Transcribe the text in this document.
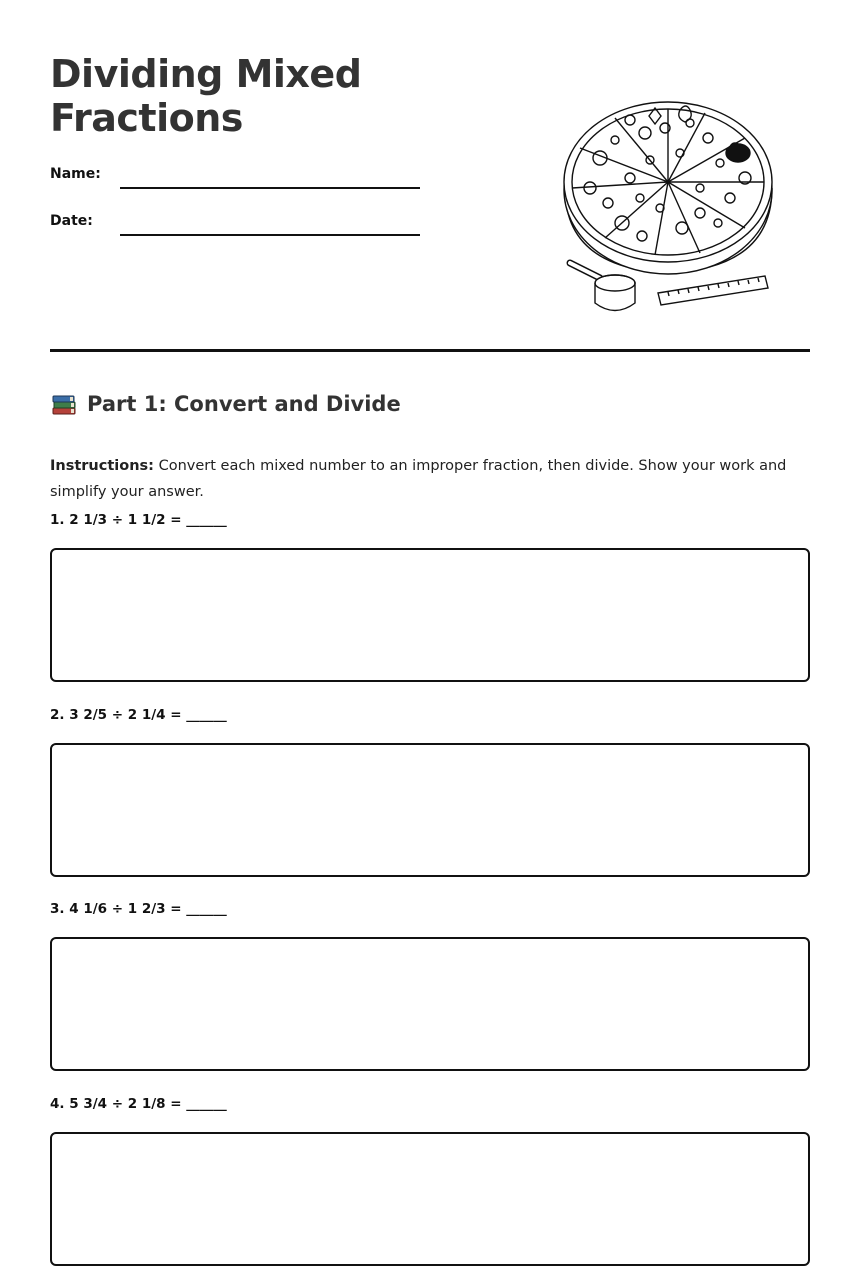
Dividing Mixed
Fractions
Name:
Date:
Part 1: Convert and Divide

Instructions: Convert each mixed number to an improper fraction, then divide. Show your work and simplify your answer.

1. 2 1/3 ÷ 1 1/2 = ______
2. 3 2/5 ÷ 2 1/4 = ______
3. 4 1/6 ÷ 1 2/3 = ______
4. 5 3/4 ÷ 2 1/8 = ______
